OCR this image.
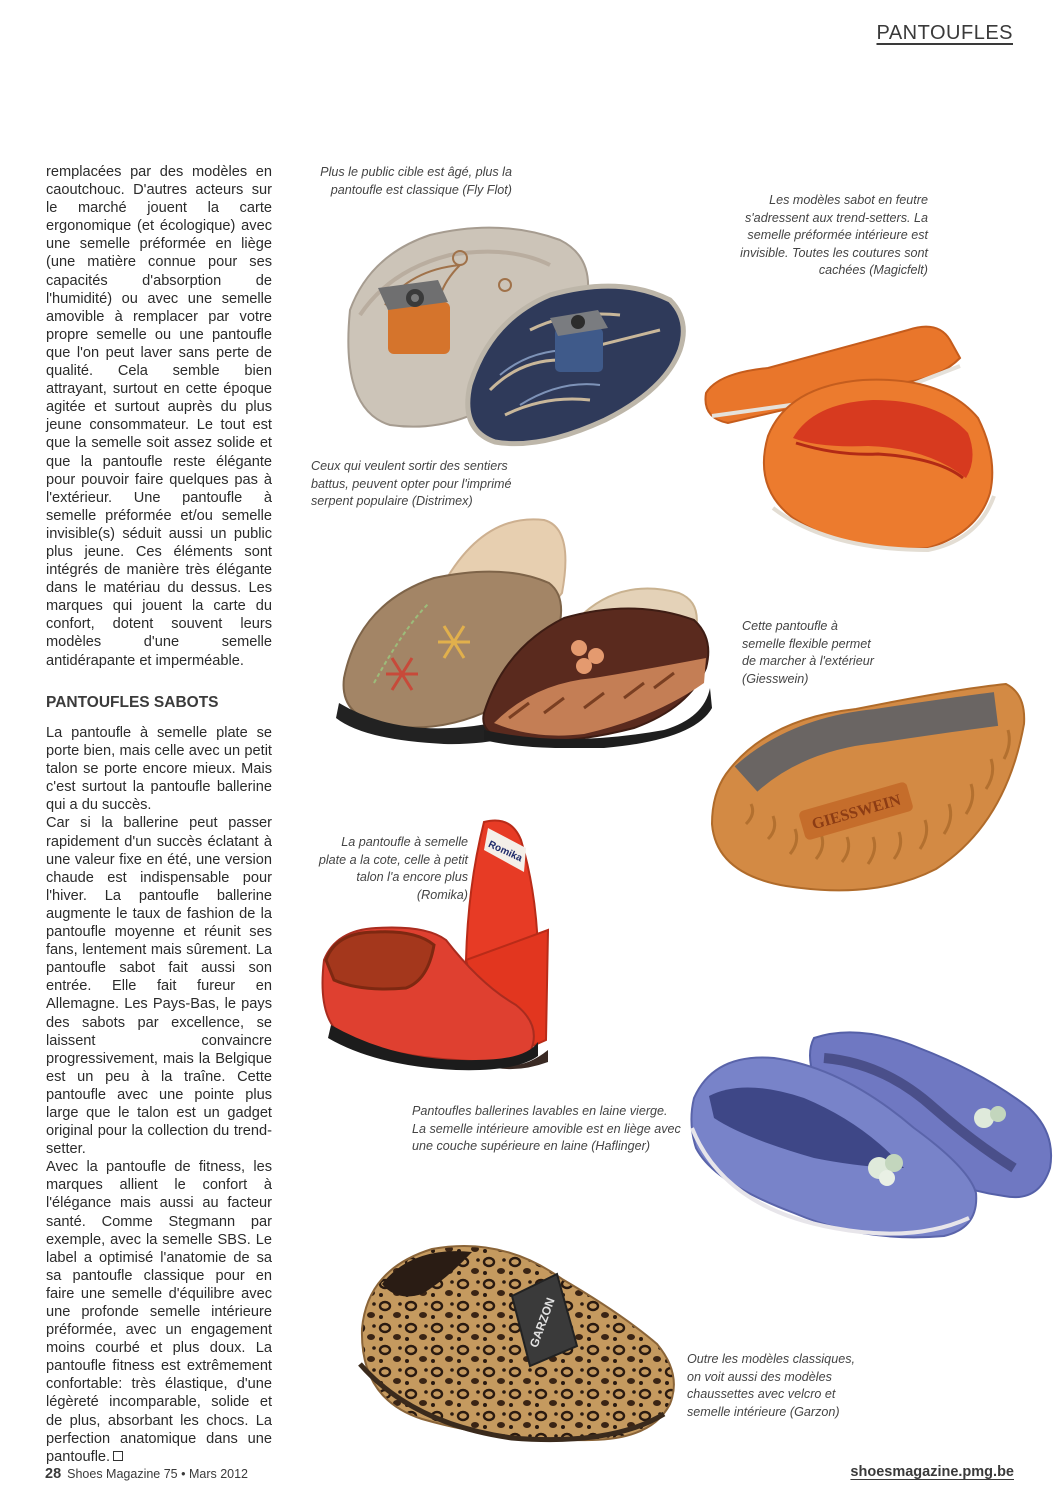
PANTOUFLES

remplacées par des modèles en caoutchouc. D'autres acteurs sur le marché jouent la carte ergonomique (et écologique) avec une semelle préformée en liège (une matière connue pour ses capacités d'absorption de l'humidité) ou avec une semelle amovible à remplacer par votre propre semelle ou une pantoufle que l'on peut laver sans perte de qualité. Cela semble bien attrayant, surtout en cette époque agitée et surtout auprès du plus jeune consommateur. Le tout est que la semelle soit assez solide et que la pantoufle reste élégante pour pouvoir faire quelques pas à l'extérieur. Une pantoufle à semelle préformée et/ou semelle invisible(s) séduit aussi un public plus jeune. Ces éléments sont intégrés de manière très élégante dans le matériau du dessus. Les marques qui jouent la carte du confort, dotent souvent leurs modèles d'une semelle antidérapante et imperméable.

PANTOUFLES SABOTS

La pantoufle à semelle plate se porte bien, mais celle avec un petit talon se porte encore mieux. Mais c'est surtout la pantoufle ballerine qui a du succès.

Car si la ballerine peut passer rapidement d'un succès éclatant à une valeur fixe en été, une version chaude est indispensable pour l'hiver. La pantoufle ballerine augmente le taux de fashion de la pantoufle moyenne et réunit ses fans, lentement mais sûrement. La pantoufle sabot fait aussi son entrée. Elle fait fureur en Allemagne. Les Pays-Bas, le pays des sabots par excellence, se laissent convaincre progressivement, mais la Belgique est un peu à la traîne. Cette pantoufle avec une pointe plus large que le talon est un gadget original pour la collection du trend-setter.

Avec la pantoufle de fitness, les marques allient le confort à l'élégance mais aussi au facteur santé. Comme Stegmann par exemple, avec la semelle SBS. Le label a optimisé l'anatomie de sa sa pantoufle classique pour en faire une semelle d'équilibre avec une profonde semelle intérieure préformée, avec un engagement moins courbé et plus doux. La pantoufle fitness est extrêmement confortable: très élastique, d'une légèreté incomparable, solide et de plus, absorbant les chocs. La perfection anatomique dans une pantoufle.

Plus le public cible est âgé, plus la pantoufle est classique (Fly Flot)
Les modèles sabot en feutre s'adressent aux trend-setters. La semelle préformée intérieure est invisible. Toutes les coutures sont cachées (Magicfelt)
Ceux qui veulent sortir des sentiers battus, peuvent opter pour l'imprimé serpent populaire (Distrimex)
Cette pantoufle à semelle flexible permet de marcher à l'extérieur (Giesswein)
La pantoufle à semelle plate a la cote, celle à petit talon l'a encore plus (Romika)
Pantoufles ballerines lavables en laine vierge. La semelle intérieure amovible est en liège avec une couche supérieure en laine (Haflinger)
Outre les modèles classiques, on voit aussi des modèles chaussettes avec velcro et semelle intérieure (Garzon)
GIESSWEIN
Romika
GARZON
28 Shoes Magazine 75 • Mars 2012	shoesmagazine.pmg.be
